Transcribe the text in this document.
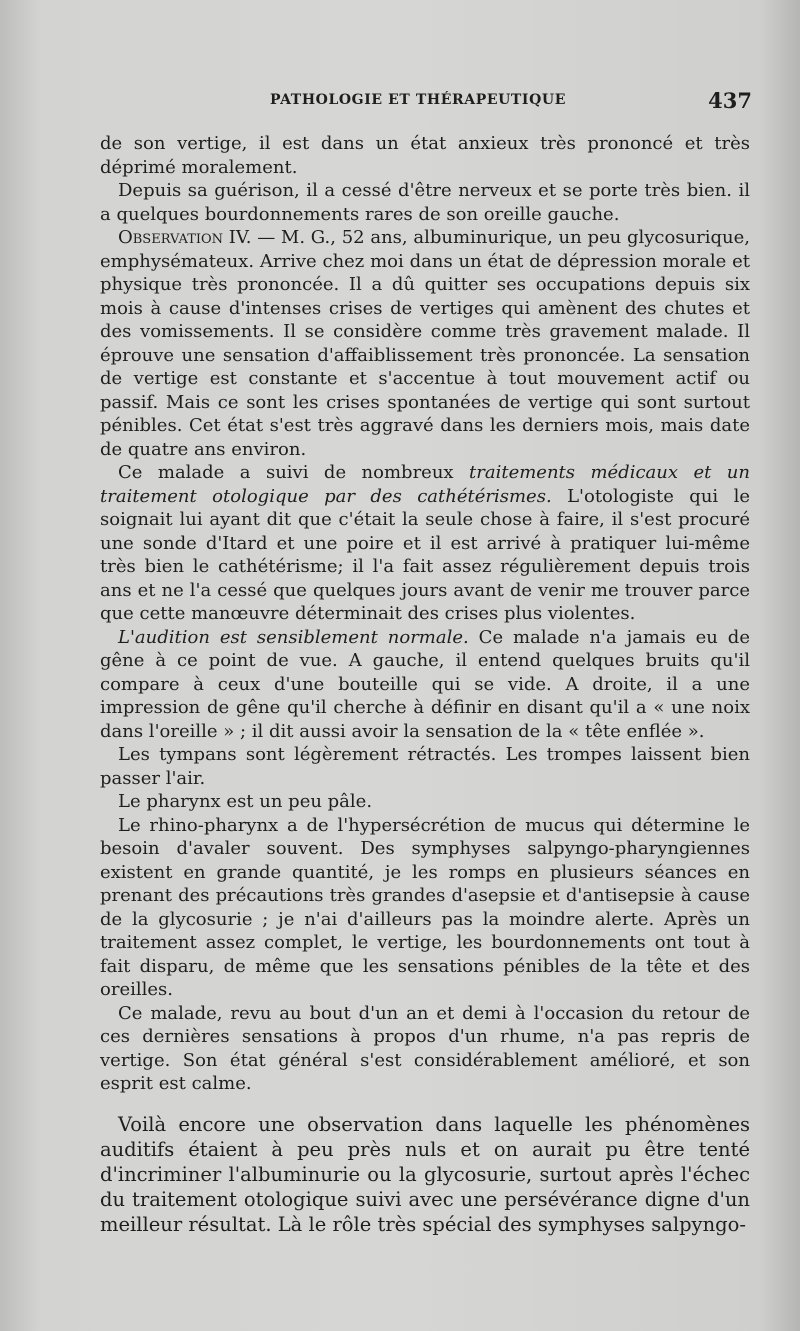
PATHOLOGIE ET THÉRAPEUTIQUE	437

de son vertige, il est dans un état anxieux très prononcé et très déprimé moralement.

Depuis sa guérison, il a cessé d'être nerveux et se porte très bien. il a quelques bourdonnements rares de son oreille gauche.

Observation IV. — M. G., 52 ans, albuminurique, un peu glycosurique, emphysémateux. Arrive chez moi dans un état de dépression morale et physique très prononcée. Il a dû quitter ses occupations depuis six mois à cause d'intenses crises de vertiges qui amènent des chutes et des vomissements. Il se considère comme très gravement malade. Il éprouve une sensation d'affaiblissement très prononcée. La sensation de vertige est constante et s'accentue à tout mouvement actif ou passif. Mais ce sont les crises spontanées de vertige qui sont surtout pénibles. Cet état s'est très aggravé dans les derniers mois, mais date de quatre ans environ.

Ce malade a suivi de nombreux traitements médicaux et un traitement otologique par des cathétérismes. L'otologiste qui le soignait lui ayant dit que c'était la seule chose à faire, il s'est procuré une sonde d'Itard et une poire et il est arrivé à pratiquer lui-même très bien le cathétérisme; il l'a fait assez régulièrement depuis trois ans et ne l'a cessé que quelques jours avant de venir me trouver parce que cette manœuvre déterminait des crises plus violentes.

L'audition est sensiblement normale. Ce malade n'a jamais eu de gêne à ce point de vue. A gauche, il entend quelques bruits qu'il compare à ceux d'une bouteille qui se vide. A droite, il a une impression de gêne qu'il cherche à définir en disant qu'il a « une noix dans l'oreille » ; il dit aussi avoir la sensation de la « tête enflée ».

Les tympans sont légèrement rétractés. Les trompes laissent bien passer l'air.

Le pharynx est un peu pâle.

Le rhino-pharynx a de l'hypersécrétion de mucus qui détermine le besoin d'avaler souvent. Des symphyses salpyngo-pharyngiennes existent en grande quantité, je les romps en plusieurs séances en prenant des précautions très grandes d'asepsie et d'antisepsie à cause de la glycosurie ; je n'ai d'ailleurs pas la moindre alerte. Après un traitement assez complet, le vertige, les bourdonnements ont tout à fait disparu, de même que les sensations pénibles de la tête et des oreilles.

Ce malade, revu au bout d'un an et demi à l'occasion du retour de ces dernières sensations à propos d'un rhume, n'a pas repris de vertige. Son état général s'est considérablement amélioré, et son esprit est calme.

Voilà encore une observation dans laquelle les phénomènes auditifs étaient à peu près nuls et on aurait pu être tenté d'incriminer l'albuminurie ou la glycosurie, surtout après l'échec du traitement otologique suivi avec une persévérance digne d'un meilleur résultat. Là le rôle très spécial des symphyses salpyngo-
